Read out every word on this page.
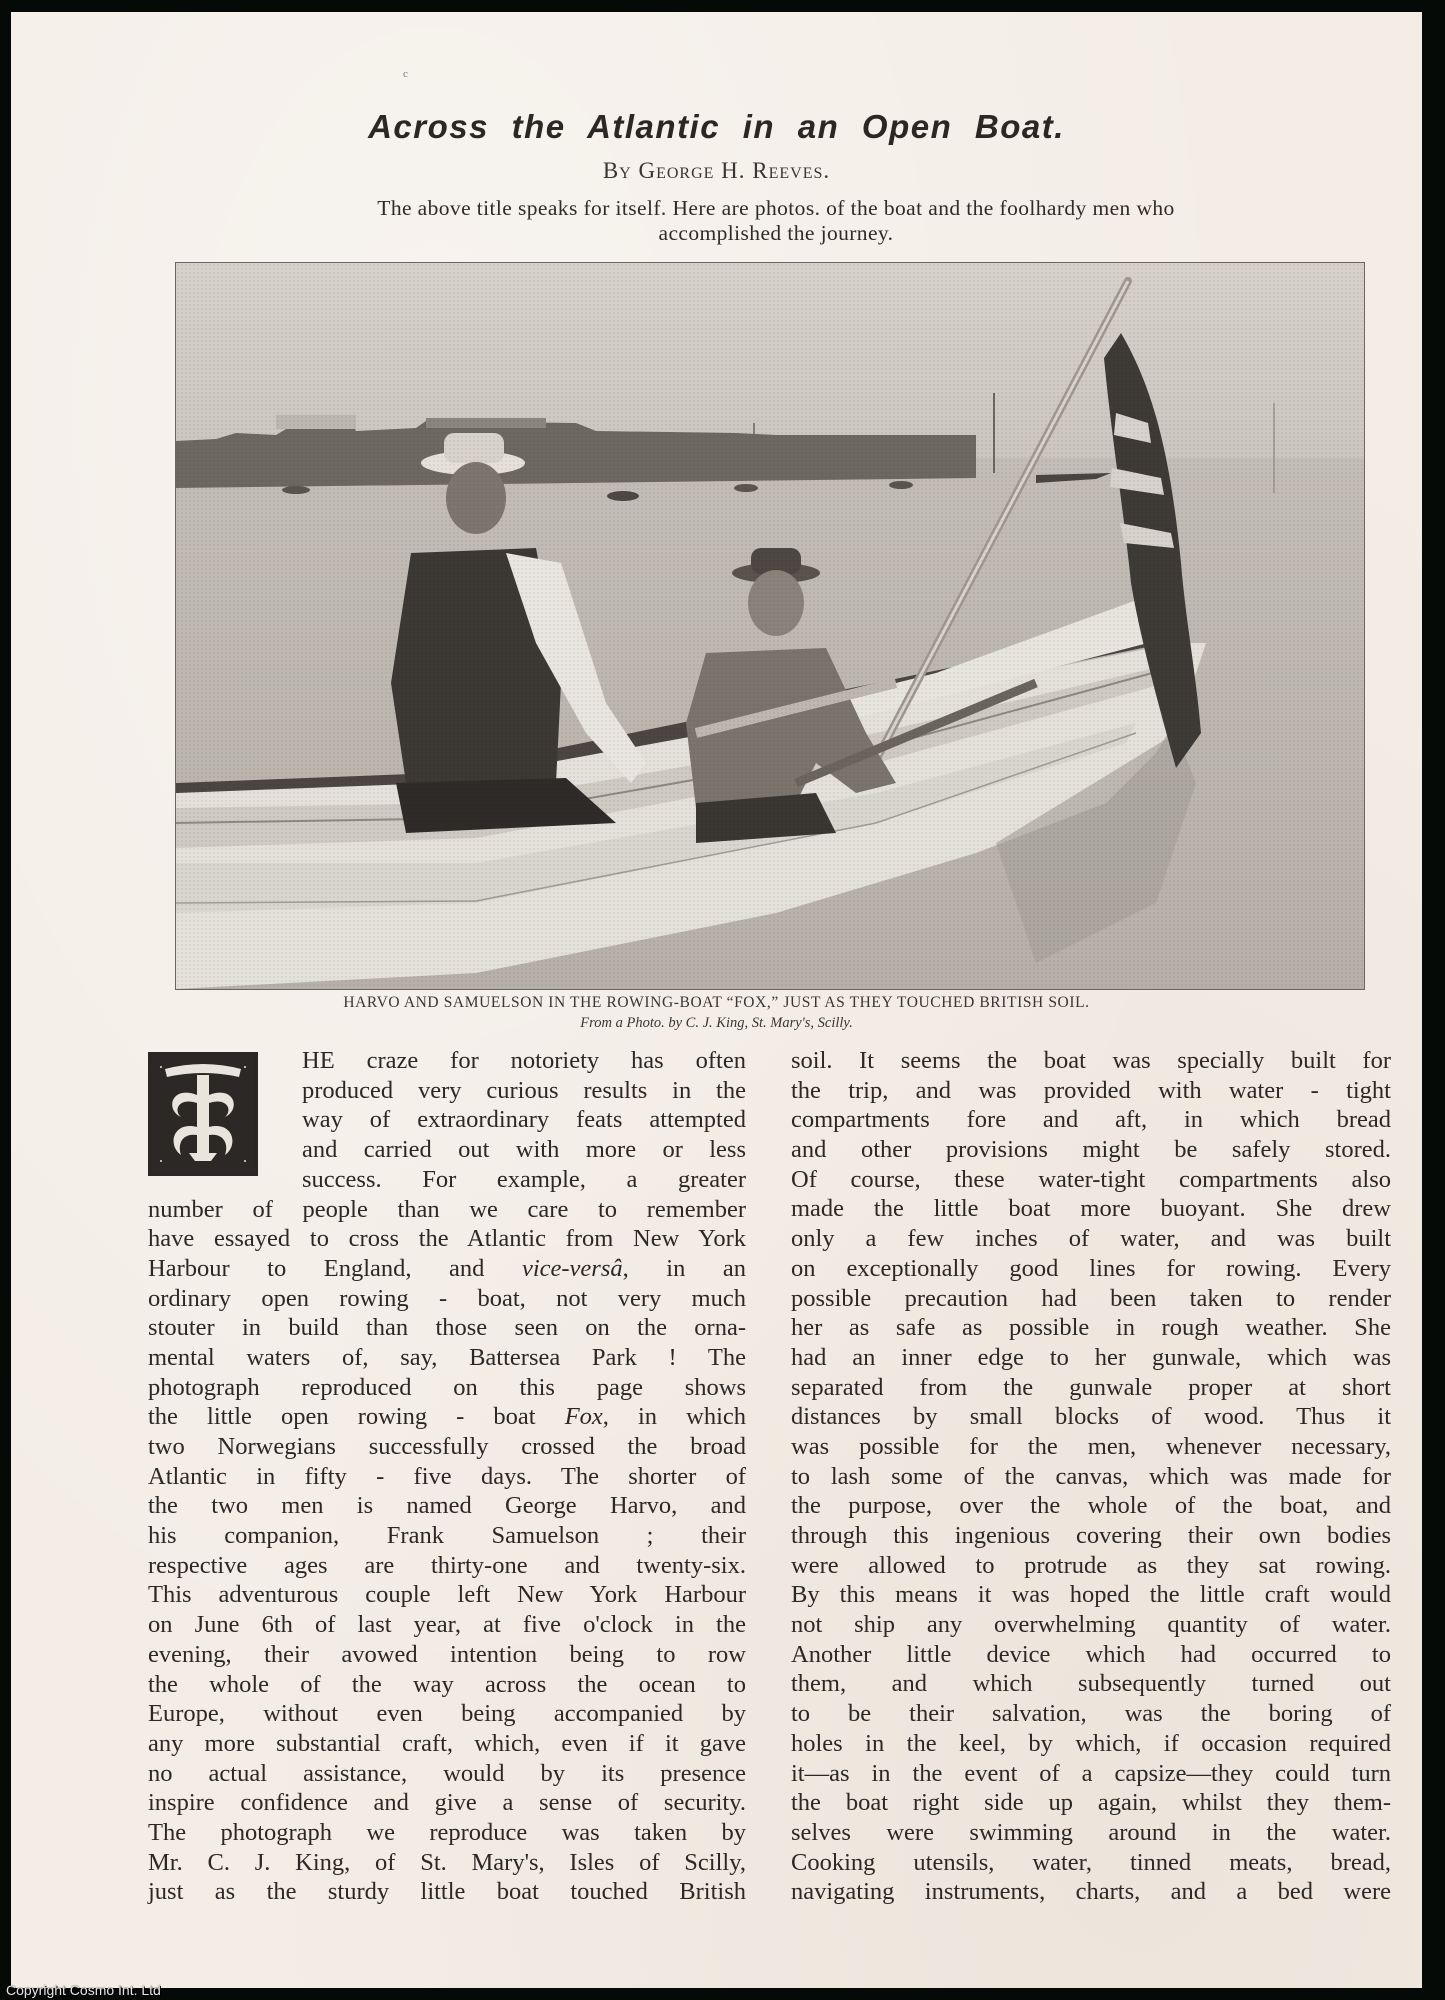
c
Across the Atlantic in an Open Boat.
By George H. Reeves.
The above title speaks for itself. Here are photos. of the boat and the foolhardy men who
accomplished the journey.
HARVO AND SAMUELSON IN THE ROWING-BOAT “FOX,” JUST AS THEY TOUCHED BRITISH SOIL.
From a Photo. by C. J. King, St. Mary's, Scilly.
HE craze for notoriety has often
produced very curious results in the
way of extraordinary feats attempted
and carried out with more or less
success. For example, a greater
number of people than we care to remember
have essayed to cross the Atlantic from New York
Harbour to England, and vice-versâ, in an
ordinary open rowing - boat, not very much
stouter in build than those seen on the orna-
mental waters of, say, Battersea Park ! The
photograph reproduced on this page shows
the little open rowing - boat Fox, in which
two Norwegians successfully crossed the broad
Atlantic in fifty - five days. The shorter of
the two men is named George Harvo, and
his companion, Frank Samuelson ; their
respective ages are thirty-one and twenty-six.
This adventurous couple left New York Harbour
on June 6th of last year, at five o'clock in the
evening, their avowed intention being to row
the whole of the way across the ocean to
Europe, without even being accompanied by
any more substantial craft, which, even if it gave
no actual assistance, would by its presence
inspire confidence and give a sense of security.
The photograph we reproduce was taken by
Mr. C. J. King, of St. Mary's, Isles of Scilly,
just as the sturdy little boat touched British
soil. It seems the boat was specially built for
the trip, and was provided with water - tight
compartments fore and aft, in which bread
and other provisions might be safely stored.
Of course, these water-tight compartments also
made the little boat more buoyant. She drew
only a few inches of water, and was built
on exceptionally good lines for rowing. Every
possible precaution had been taken to render
her as safe as possible in rough weather. She
had an inner edge to her gunwale, which was
separated from the gunwale proper at short
distances by small blocks of wood. Thus it
was possible for the men, whenever necessary,
to lash some of the canvas, which was made for
the purpose, over the whole of the boat, and
through this ingenious covering their own bodies
were allowed to protrude as they sat rowing.
By this means it was hoped the little craft would
not ship any overwhelming quantity of water.
Another little device which had occurred to
them, and which subsequently turned out
to be their salvation, was the boring of
holes in the keel, by which, if occasion required
it—as in the event of a capsize—they could turn
the boat right side up again, whilst they them-
selves were swimming around in the water.
Cooking utensils, water, tinned meats, bread,
navigating instruments, charts, and a bed were
Copyright Cosmo Int. Ltd
